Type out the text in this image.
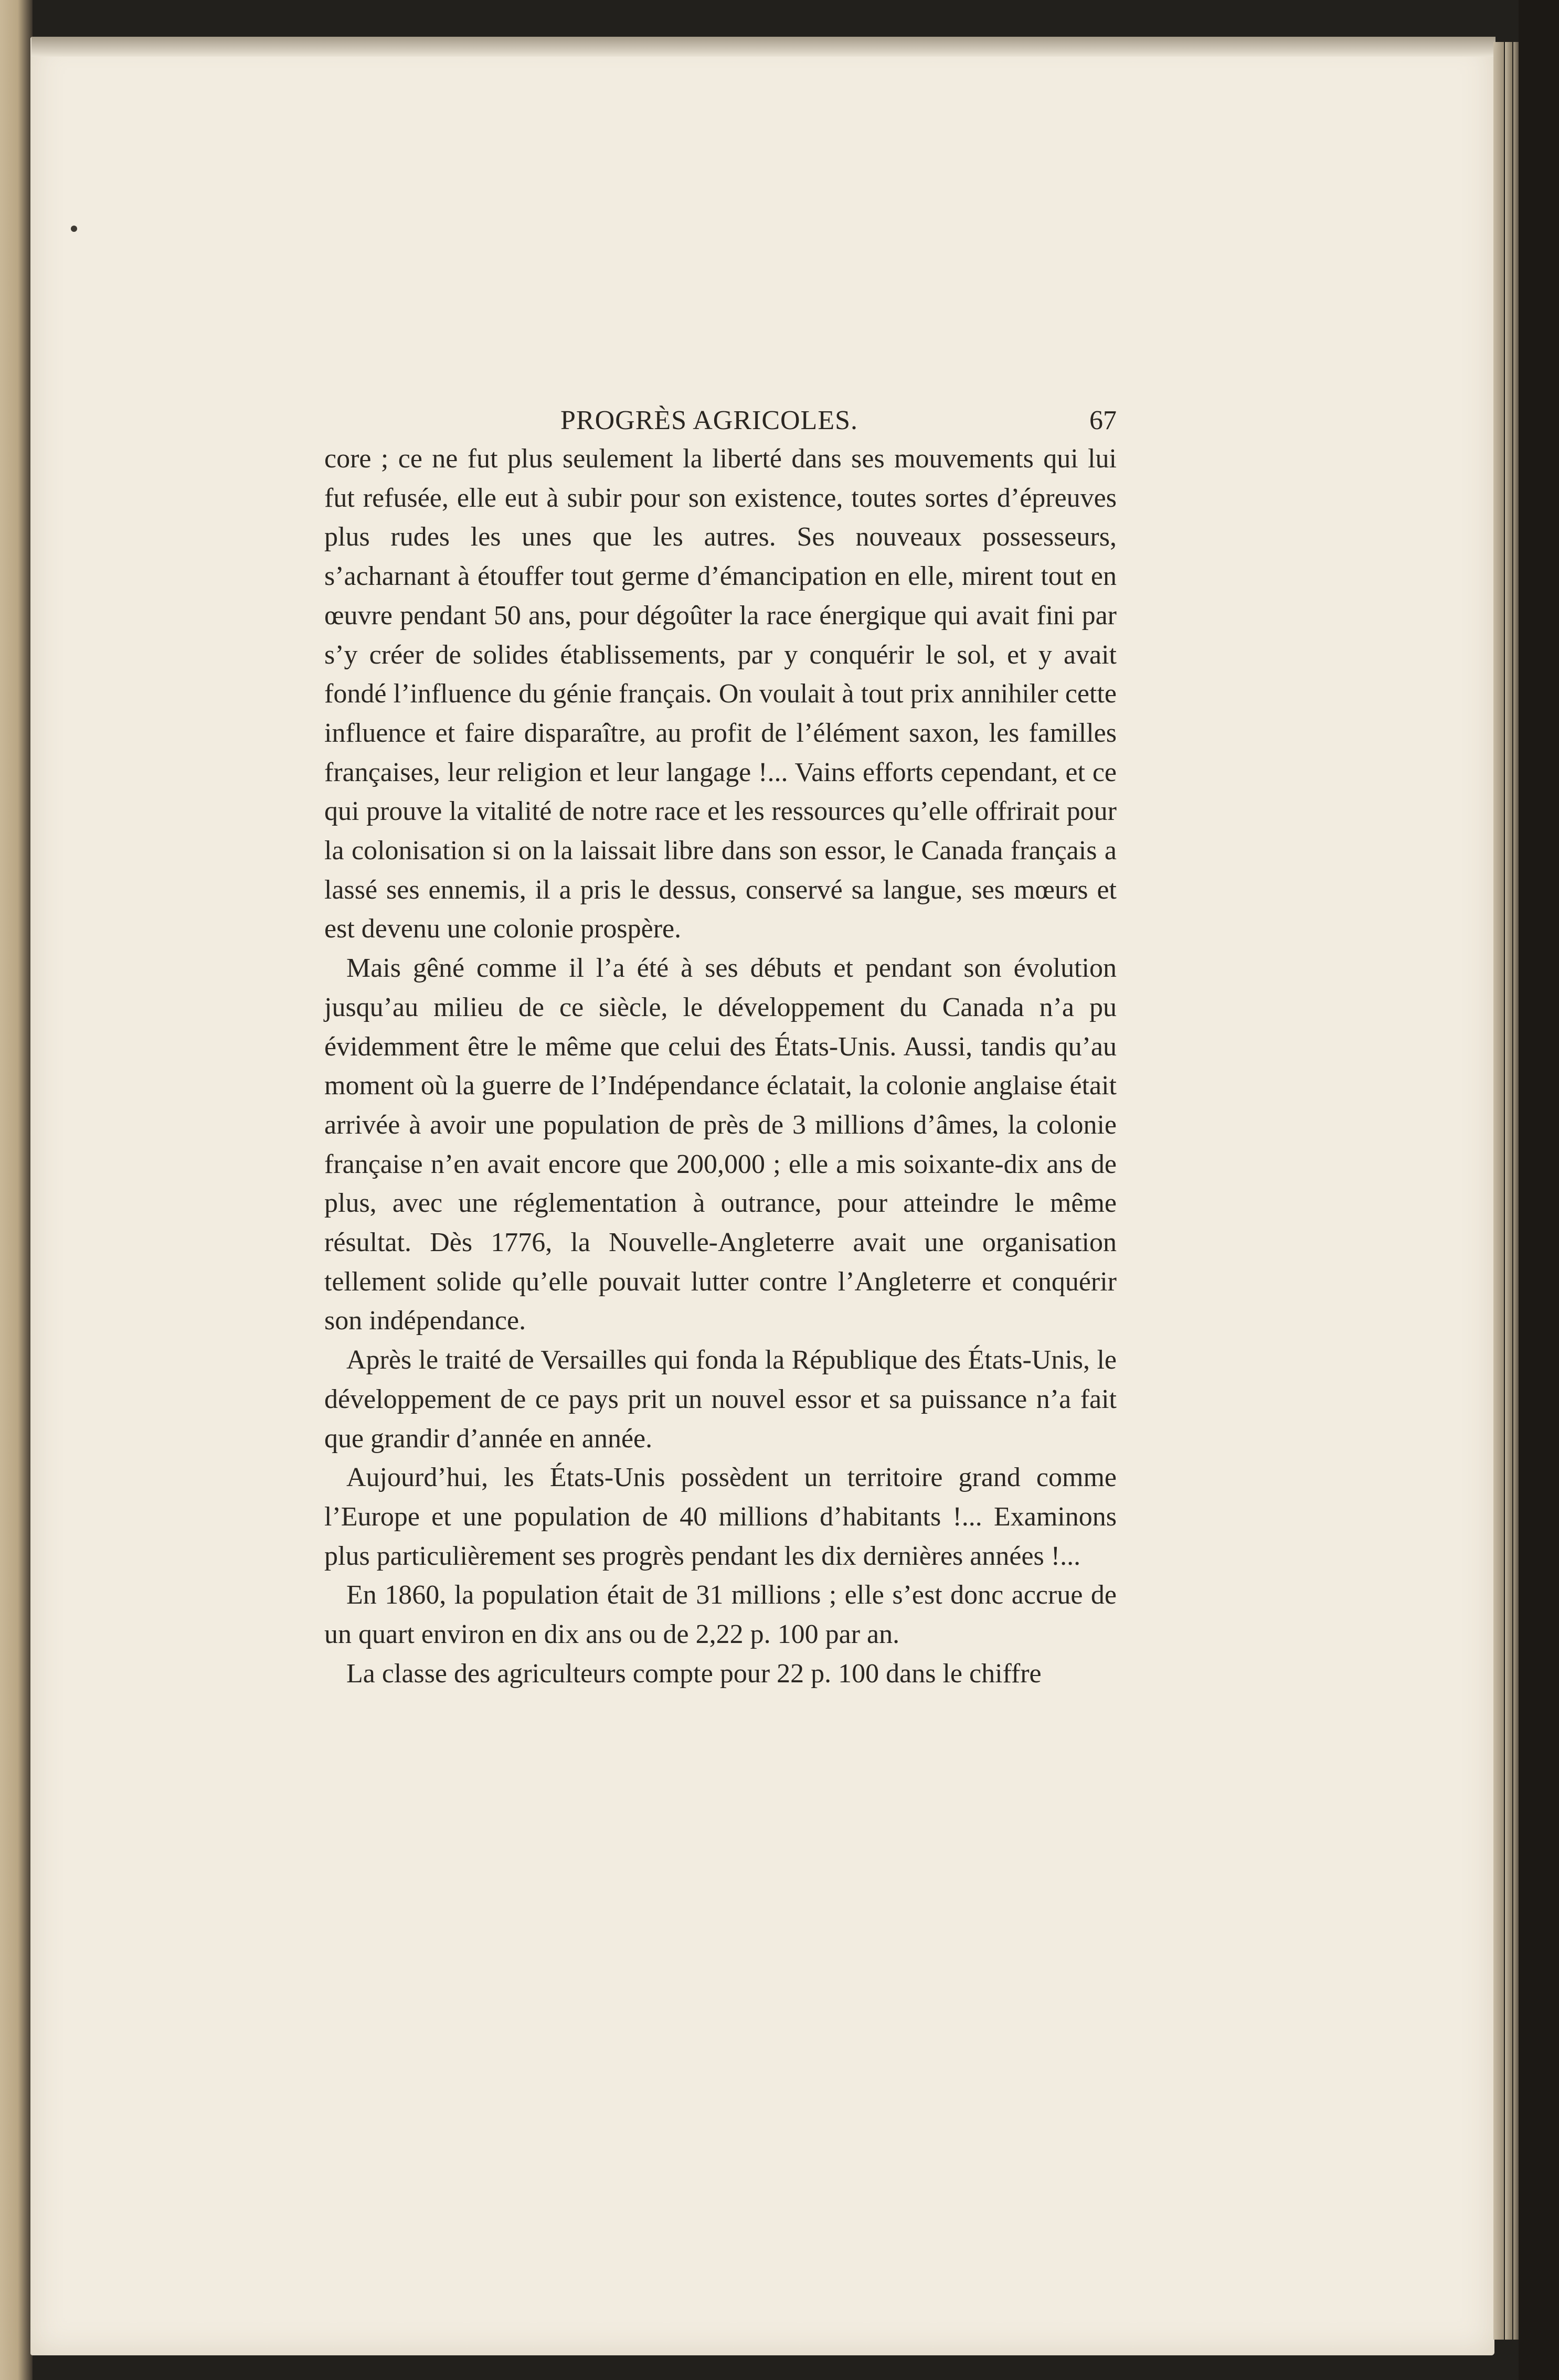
PROGRÈS AGRICOLES.	67

core ; ce ne fut plus seulement la liberté dans ses mouvements qui lui fut refusée, elle eut à subir pour son existence, toutes sortes d’épreuves plus rudes les unes que les autres. Ses nouveaux possesseurs, s’acharnant à étouffer tout germe d’émancipation en elle, mirent tout en œuvre pendant 50 ans, pour dégoûter la race énergique qui avait fini par s’y créer de solides établissements, par y conquérir le sol, et y avait fondé l’influence du génie français. On voulait à tout prix annihiler cette influence et faire disparaître, au profit de l’élément saxon, les familles françaises, leur religion et leur langage !... Vains efforts cependant, et ce qui prouve la vitalité de notre race et les ressources qu’elle offrirait pour la colonisation si on la laissait libre dans son essor, le Canada français a lassé ses ennemis, il a pris le dessus, conservé sa langue, ses mœurs et est devenu une colonie prospère.

Mais gêné comme il l’a été à ses débuts et pendant son évolution jusqu’au milieu de ce siècle, le développement du Canada n’a pu évidemment être le même que celui des États-Unis. Aussi, tandis qu’au moment où la guerre de l’Indépendance éclatait, la colonie anglaise était arrivée à avoir une population de près de 3 millions d’âmes, la colonie française n’en avait encore que 200,000 ; elle a mis soixante-dix ans de plus, avec une réglementation à outrance, pour atteindre le même résultat. Dès 1776, la Nouvelle-Angleterre avait une organisation tellement solide qu’elle pouvait lutter contre l’Angleterre et conquérir son indépendance.

Après le traité de Versailles qui fonda la République des États-Unis, le développement de ce pays prit un nouvel essor et sa puissance n’a fait que grandir d’année en année.

Aujourd’hui, les États-Unis possèdent un territoire grand comme l’Europe et une population de 40 millions d’habitants !... Examinons plus particulièrement ses progrès pendant les dix dernières années !...

En 1860, la population était de 31 millions ; elle s’est donc accrue de un quart environ en dix ans ou de 2,22 p. 100 par an.

La classe des agriculteurs compte pour 22 p. 100 dans le chiffre
